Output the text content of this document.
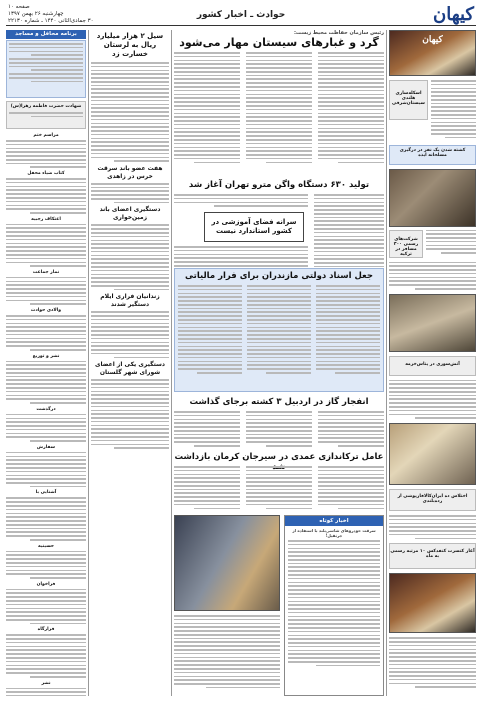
کیهان
حوادث ـ اخبار کشور
صفحه ۱۰
چهارشنبه ۲۶ بهمن ۱۳۹۷
۳۰ جمادی‌الثانی ۱۴۴۰ ـ شماره ۲۲۱۳۰
برنامه محافل و مساجد
شهادت حضرت فاطمه زهرا(س)
مراسم ختم
کتاب ضیاء محفل
اعتکاف رجبیه
نماز جماعت
والادی حوادث
نشر و توزیع
درگذشت
سفارش
آشنایی با
حسینیه
فراخوان
قرارگاه
نشر
سیل ۲ هزار میلیارد ریال به لرستان خسارت زد
هفت عضو باند سرقت خرس در زاهدی
دستگیری اعضای باند زمین‌خواری
زندانیان فراری ایلام دستگیر شدند
دستگیری یکی از اعضای شورای شهر گلستان
رئیس سازمان حفاظت محیط زیست:
گرد و غبارهای سیستان مهار می‌شود
تولید ۶۳۰ دستگاه واگن مترو تهران آغاز شد
سرانه فضای آموزشی در کشور استاندارد نیست
جعل اسناد دولتی مازندران برای فرار مالیاتی
انفجار گاز در اردبیل ۳ کشته برجای گذاشت
عامل ترکاندازی عمدی در سیرجان کرمان بازداشت
اخبار کوتاه
سرقت خودروهای شاسی‌بلند با استفاده از جرثقیل!
کیهان
اسکله‌سازی هلندی سیستان‌شرقی
کشته شدن یک نفر در درگیری مسلحانه ایذه
شرکت‌های رسمی ۳۰۰ مسافر در ترکیه
آتش‌سوزی در پتاس‌خرمه
اختلاس ده ایران‌کالا‌فازپوشی از رده‌بلندی
آغاز کنسرت کنفدکس ۱۰ مرتبه رسمی به ماه
